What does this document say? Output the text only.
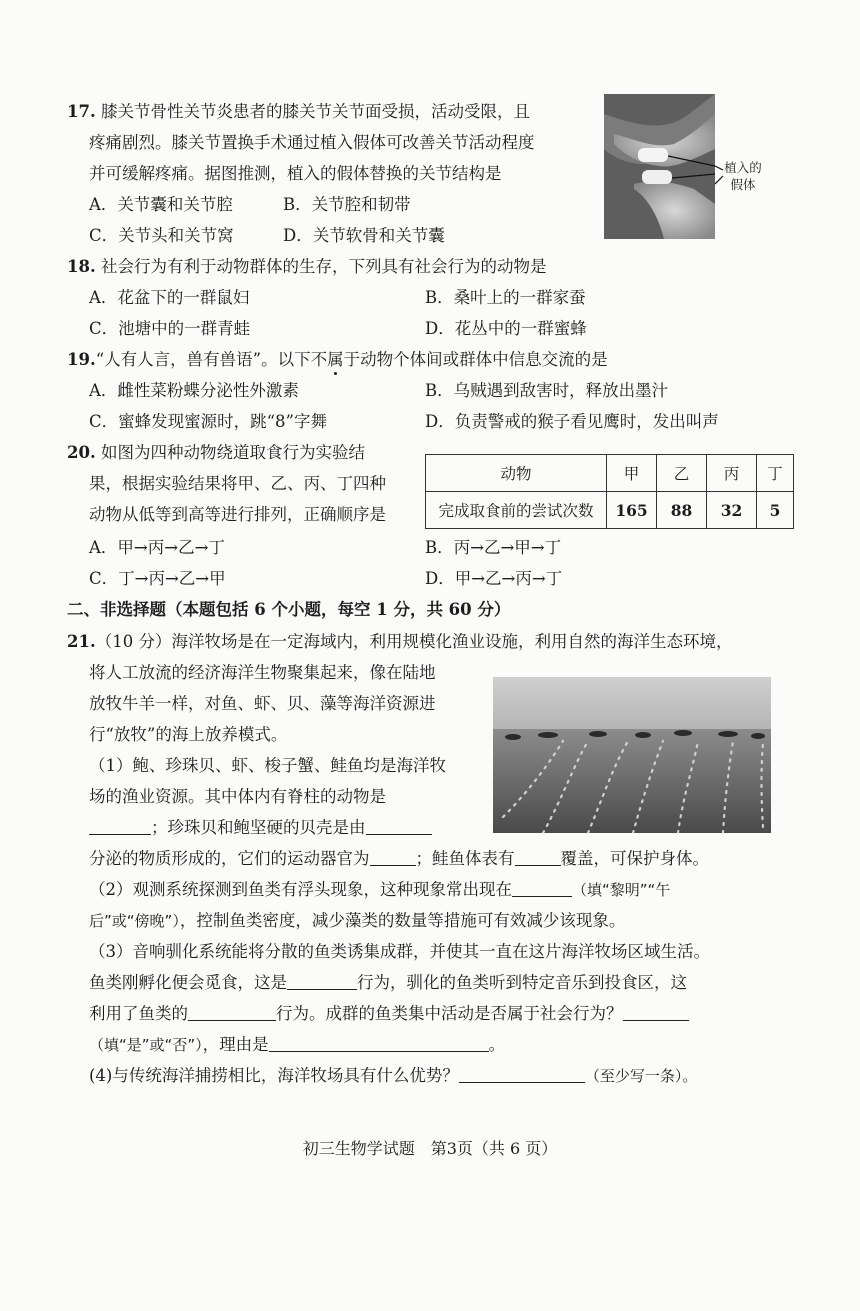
17. 膝关节骨性关节炎患者的膝关节关节面受损，活动受限，且
疼痛剧烈。膝关节置换手术通过植入假体可改善关节活动程度
并可缓解疼痛。据图推测，植入的假体替换的关节结构是
A．关节囊和关节腔	B．关节腔和韧带
C．关节头和关节窝	D．关节软骨和关节囊
植入的
假体
18. 社会行为有利于动物群体的生存，下列具有社会行为的动物是
A．花盆下的一群鼠妇	B．桑叶上的一群家蚕
C．池塘中的一群青蛙	D．花丛中的一群蜜蜂
19.“人有人言，兽有兽语”。以下不属于动物个体间或群体中信息交流的是
A．雌性菜粉蝶分泌性外激素	B．乌贼遇到敌害时，释放出墨汁
C．蜜蜂发现蜜源时，跳“8”字舞	D．负责警戒的猴子看见鹰时，发出叫声
20. 如图为四种动物绕道取食行为实验结
果，根据实验结果将甲、乙、丙、丁四种
动物从低等到高等进行排列，正确顺序是
动物	甲	乙	丙	丁
完成取食前的尝试次数	165	88	32	5
A．甲→丙→乙→丁	B．丙→乙→甲→丁
C．丁→丙→乙→甲	D．甲→乙→丙→丁
二、非选择题（本题包括 6 个小题，每空 1 分，共 60 分）
21.（10 分）海洋牧场是在一定海域内，利用规模化渔业设施，利用自然的海洋生态环境，
将人工放流的经济海洋生物聚集起来，像在陆地
放牧牛羊一样，对鱼、虾、贝、藻等海洋资源进
行“放牧”的海上放养模式。
（1）鲍、珍珠贝、虾、梭子蟹、鲑鱼均是海洋牧
场的渔业资源。其中体内有脊柱的动物是
；珍珠贝和鲍坚硬的贝壳是由
分泌的物质形成的，它们的运动器官为	；鲑鱼体表有	覆盖，可保护身体。
（2）观测系统探测到鱼类有浮头现象，这种现象常出现在	（填“黎明”“午
后”或“傍晚”），控制鱼类密度，减少藻类的数量等措施可有效减少该现象。
（3）音响驯化系统能将分散的鱼类诱集成群，并使其一直在这片海洋牧场区域生活。
鱼类刚孵化便会觅食，这是	行为，驯化的鱼类听到特定音乐到投食区，这
利用了鱼类的	行为。成群的鱼类集中活动是否属于社会行为？
（填“是”或“否”），理由是	。
(4)与传统海洋捕捞相比，海洋牧场具有什么优势？	（至少写一条）。
初三生物学试题　第3页（共 6 页）
